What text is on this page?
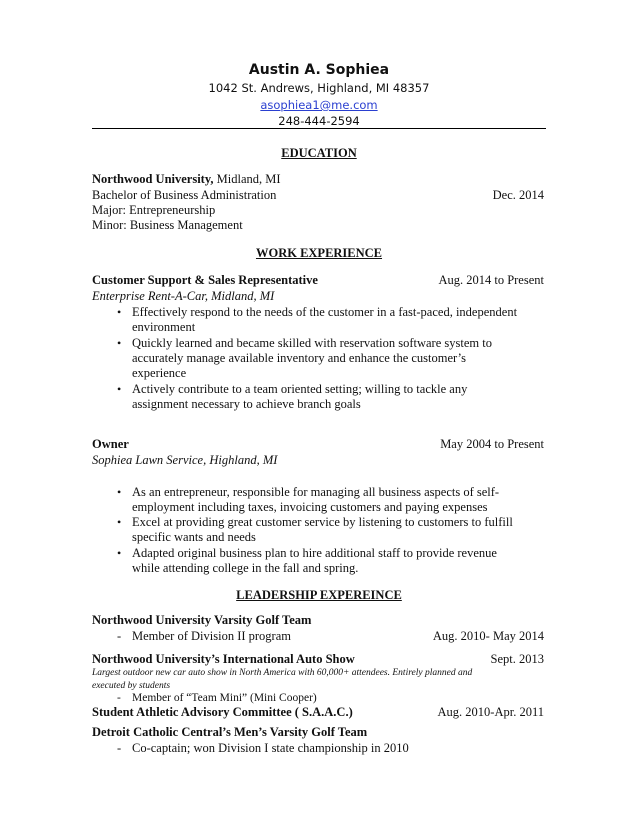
Austin A. Sophiea
1042 St. Andrews, Highland, MI 48357
asophiea1@me.com
248-444-2594
EDUCATION
Northwood University, Midland, MI
Bachelor of Business Administration	Dec. 2014
Major: Entrepreneurship
Minor: Business Management
WORK EXPERIENCE
Customer Support & Sales Representative	Aug. 2014 to Present
Enterprise Rent-A-Car, Midland, MI
• Effectively respond to the needs of the customer in a fast-paced, independent
environment
• Quickly learned and became skilled with reservation software system to
accurately manage available inventory and enhance the customer’s
experience
• Actively contribute to a team oriented setting; willing to tackle any
assignment necessary to achieve branch goals
Owner	May 2004 to Present
Sophiea Lawn Service, Highland, MI
• As an entrepreneur, responsible for managing all business aspects of self-
employment including taxes, invoicing customers and paying expenses
• Excel at providing great customer service by listening to customers to fulfill
specific wants and needs
• Adapted original business plan to hire additional staff to provide revenue
while attending college in the fall and spring.
LEADERSHIP EXPEREINCE
Northwood University Varsity Golf Team
- Member of Division II program	Aug. 2010- May 2014
Northwood University’s International Auto Show	Sept. 2013
Largest outdoor new car auto show in North America with 60,000+ attendees. Entirely planned and
executed by students
- Member of “Team Mini” (Mini Cooper)
Student Athletic Advisory Committee ( S.A.A.C.)	Aug. 2010-Apr. 2011
Detroit Catholic Central’s Men’s Varsity Golf Team
- Co-captain; won Division I state championship in 2010
